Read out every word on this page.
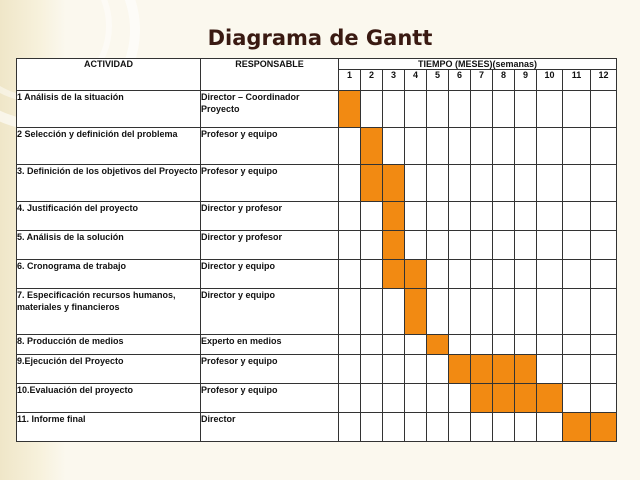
Diagrama de Gantt
ACTIVIDAD	RESPONSABLE	TIEMPO (MESES)(semanas)											
		1	2	3	4	5	6	7	8	9	10	11	12
1 Análisis de la situación	Director – Coordinador Proyecto												
2 Selección y definición del problema	Profesor y equipo												
3. Definición de los objetivos del Proyecto	Profesor y equipo												
4. Justificación del proyecto	Director y profesor												
5. Análisis de la solución	Director y profesor												
6. Cronograma de trabajo	Director y equipo												
7. Especificación recursos humanos, materiales y financieros	Director y equipo												
8. Producción de medios	Experto en medios												
9.Ejecución del Proyecto	Profesor y equipo												
10.Evaluación del proyecto	Profesor y equipo												
11. Informe final	Director												
